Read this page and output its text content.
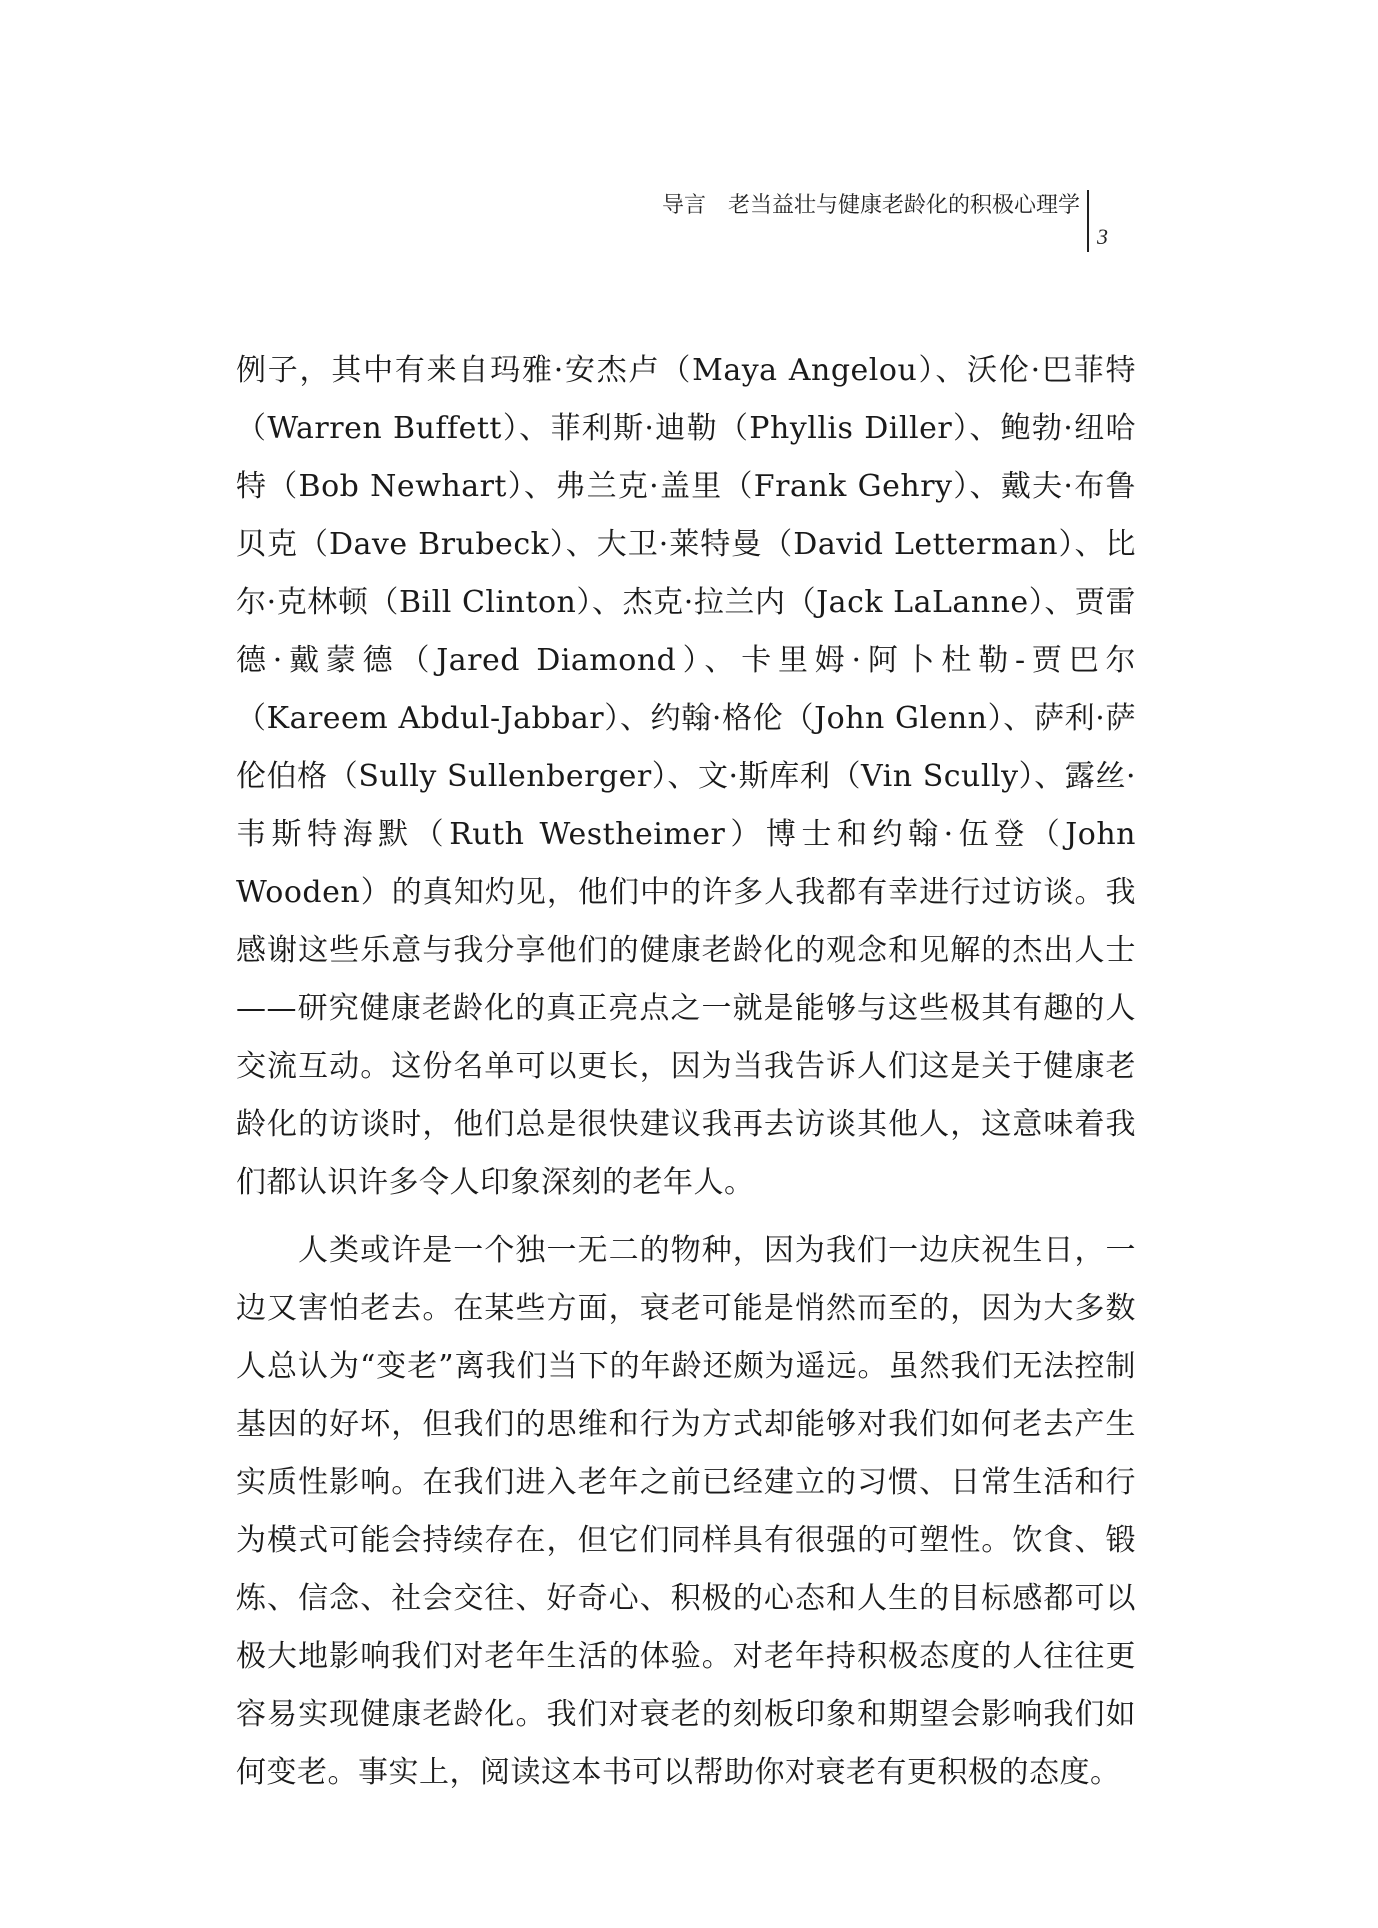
导言　老当益壮与健康老龄化的积极心理学
3

例子，其中有来自玛雅·安杰卢（Maya Angelou）、沃伦·巴菲特（Warren Buffett）、菲利斯·迪勒（Phyllis Diller）、鲍勃·纽哈特（Bob Newhart）、弗兰克·盖里（Frank Gehry）、戴夫·布鲁贝克（Dave Brubeck）、大卫·莱特曼（David Letterman）、比尔·克林顿（Bill Clinton）、杰克·拉兰内（Jack LaLanne）、贾雷德·戴蒙德（Jared Diamond）、卡里姆·阿卜杜勒-贾巴尔（Kareem Abdul-Jabbar）、约翰·格伦（John Glenn）、萨利·萨伦伯格（Sully Sullenberger）、文·斯库利（Vin Scully）、露丝·韦斯特海默（Ruth Westheimer）博士和约翰·伍登（John Wooden）的真知灼见，他们中的许多人我都有幸进行过访谈。我感谢这些乐意与我分享他们的健康老龄化的观念和见解的杰出人士——研究健康老龄化的真正亮点之一就是能够与这些极其有趣的人交流互动。这份名单可以更长，因为当我告诉人们这是关于健康老龄化的访谈时，他们总是很快建议我再去访谈其他人，这意味着我们都认识许多令人印象深刻的老年人。

人类或许是一个独一无二的物种，因为我们一边庆祝生日，一边又害怕老去。在某些方面，衰老可能是悄然而至的，因为大多数人总认为“变老”离我们当下的年龄还颇为遥远。虽然我们无法控制基因的好坏，但我们的思维和行为方式却能够对我们如何老去产生实质性影响。在我们进入老年之前已经建立的习惯、日常生活和行为模式可能会持续存在，但它们同样具有很强的可塑性。饮食、锻炼、信念、社会交往、好奇心、积极的心态和人生的目标感都可以极大地影响我们对老年生活的体验。对老年持积极态度的人往往更容易实现健康老龄化。我们对衰老的刻板印象和期望会影响我们如何变老。事实上，阅读这本书可以帮助你对衰老有更积极的态度。
